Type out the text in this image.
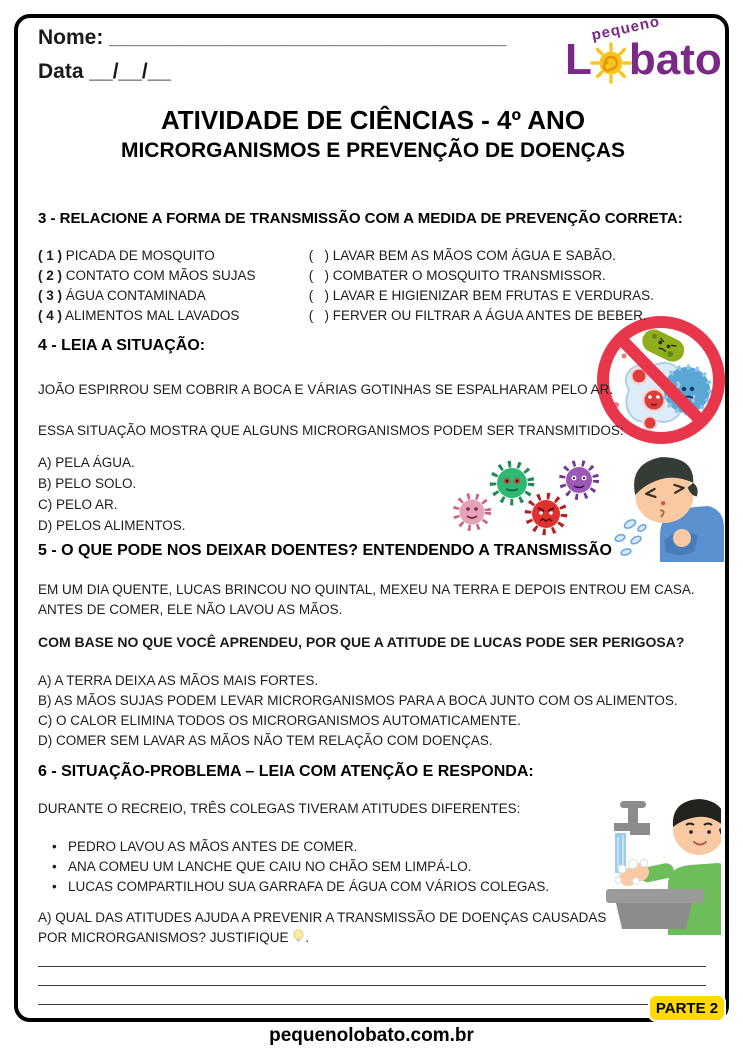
Nome: __________________________________________
Data __/__/__
pequeno
L bato
ATIVIDADE DE CIÊNCIAS - 4º ANO
MICRORGANISMOS E PREVENÇÃO DE DOENÇAS
3 - RELACIONE A FORMA DE TRANSMISSÃO COM A MEDIDA DE PREVENÇÃO CORRETA:
( 1 ) PICADA DE MOSQUITO	(   ) LAVAR BEM AS MÃOS COM ÁGUA E SABÃO.
( 2 ) CONTATO COM MÃOS SUJAS	(   ) COMBATER O MOSQUITO TRANSMISSOR.
( 3 ) ÁGUA CONTAMINADA	(   ) LAVAR E HIGIENIZAR BEM FRUTAS E VERDURAS.
( 4 ) ALIMENTOS MAL LAVADOS	(   ) FERVER OU FILTRAR A ÁGUA ANTES DE BEBER.
4 - LEIA A SITUAÇÃO:
JOÃO ESPIRROU SEM COBRIR A BOCA E VÁRIAS GOTINHAS SE ESPALHARAM PELO AR.
ESSA SITUAÇÃO MOSTRA QUE ALGUNS MICRORGANISMOS PODEM SER TRANSMITIDOS:
A) PELA ÁGUA.
B) PELO SOLO.
C) PELO AR.
D) PELOS ALIMENTOS.
5 - O QUE PODE NOS DEIXAR DOENTES? ENTENDENDO A TRANSMISSÃO
EM UM DIA QUENTE, LUCAS BRINCOU NO QUINTAL, MEXEU NA TERRA E DEPOIS ENTROU EM CASA. ANTES DE COMER, ELE NÃO LAVOU AS MÃOS.
COM BASE NO QUE VOCÊ APRENDEU, POR QUE A ATITUDE DE LUCAS PODE SER PERIGOSA?
A) A TERRA DEIXA AS MÃOS MAIS FORTES.
B) AS MÃOS SUJAS PODEM LEVAR MICRORGANISMOS PARA A BOCA JUNTO COM OS ALIMENTOS.
C) O CALOR ELIMINA TODOS OS MICRORGANISMOS AUTOMATICAMENTE.
D) COMER SEM LAVAR AS MÃOS NÃO TEM RELAÇÃO COM DOENÇAS.
6 - SITUAÇÃO-PROBLEMA – LEIA COM ATENÇÃO E RESPONDA:
DURANTE O RECREIO, TRÊS COLEGAS TIVERAM ATITUDES DIFERENTES:
• PEDRO LAVOU AS MÃOS ANTES DE COMER.
• ANA COMEU UM LANCHE QUE CAIU NO CHÃO SEM LIMPÁ-LO.
• LUCAS COMPARTILHOU SUA GARRAFA DE ÁGUA COM VÁRIOS COLEGAS.
A) QUAL DAS ATITUDES AJUDA A PREVENIR A TRANSMISSÃO DE DOENÇAS CAUSADAS POR MICRORGANISMOS? JUSTIFIQUE .
PARTE 2
pequenolobato.com.br
